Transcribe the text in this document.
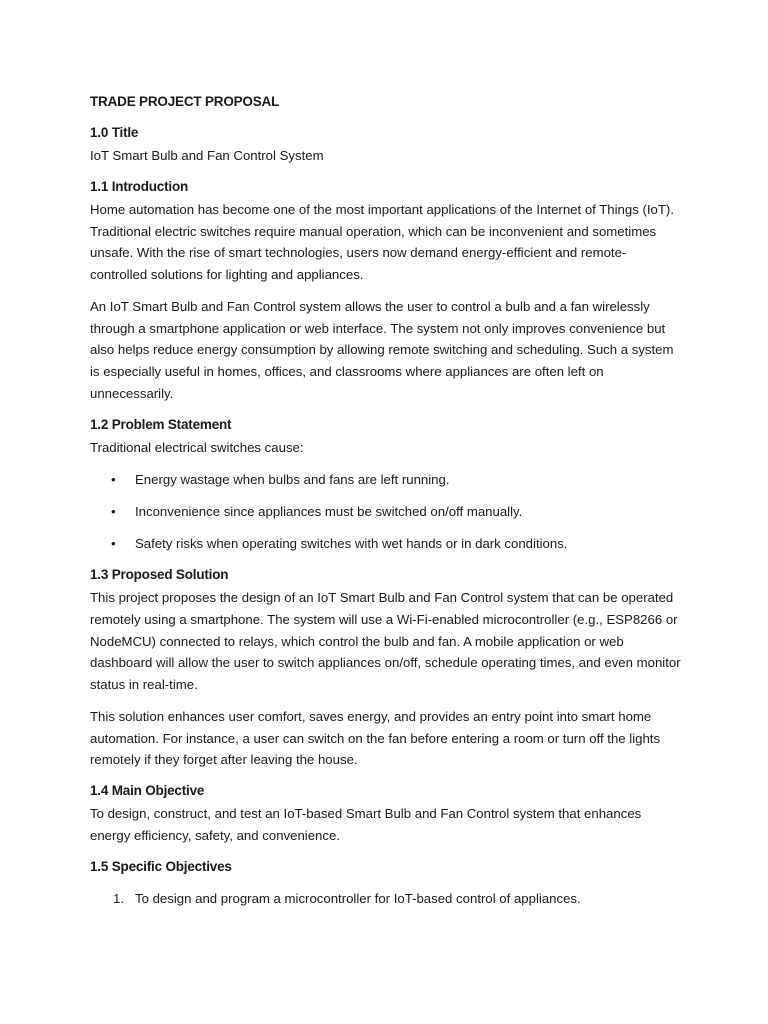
TRADE PROJECT PROPOSAL
1.0 Title

IoT Smart Bulb and Fan Control System

1.1 Introduction

Home automation has become one of the most important applications of the Internet of Things (IoT). Traditional electric switches require manual operation, which can be inconvenient and sometimes unsafe. With the rise of smart technologies, users now demand energy-efficient and remote-controlled solutions for lighting and appliances.

An IoT Smart Bulb and Fan Control system allows the user to control a bulb and a fan wirelessly through a smartphone application or web interface. The system not only improves convenience but also helps reduce energy consumption by allowing remote switching and scheduling. Such a system is especially useful in homes, offices, and classrooms where appliances are often left on unnecessarily.

1.2 Problem Statement

Traditional electrical switches cause:

• Energy wastage when bulbs and fans are left running.
• Inconvenience since appliances must be switched on/off manually.
• Safety risks when operating switches with wet hands or in dark conditions.
1.3 Proposed Solution

This project proposes the design of an IoT Smart Bulb and Fan Control system that can be operated remotely using a smartphone. The system will use a Wi-Fi-enabled microcontroller (e.g., ESP8266 or NodeMCU) connected to relays, which control the bulb and fan. A mobile application or web dashboard will allow the user to switch appliances on/off, schedule operating times, and even monitor status in real-time.

This solution enhances user comfort, saves energy, and provides an entry point into smart home automation. For instance, a user can switch on the fan before entering a room or turn off the lights remotely if they forget after leaving the house.

1.4 Main Objective

To design, construct, and test an IoT-based Smart Bulb and Fan Control system that enhances energy efficiency, safety, and convenience.

1.5 Specific Objectives
1. To design and program a microcontroller for IoT-based control of appliances.
